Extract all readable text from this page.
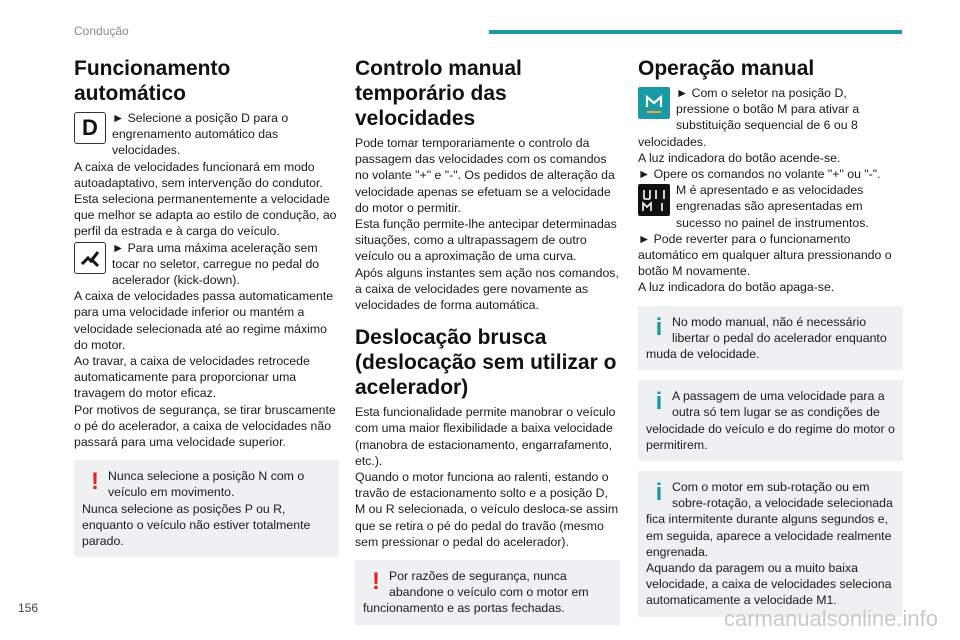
Condução
Funcionamento automático
D	► Selecione a posição D para o engrenamento automático das velocidades.

A caixa de velocidades funcionará em modo autoadaptativo, sem intervenção do condutor.

Esta seleciona permanentemente a velocidade que melhor se adapta ao estilo de condução, ao perfil da estrada e à carga do veículo.

► Para uma máxima aceleração sem tocar no seletor, carregue no pedal do acelerador (kick-down).

A caixa de velocidades passa automaticamente para uma velocidade inferior ou mantém a velocidade selecionada até ao regime máximo do motor.

Ao travar, a caixa de velocidades retrocede automaticamente para proporcionar uma travagem do motor eficaz.

Por motivos de segurança, se tirar bruscamente o pé do acelerador, a caixa de velocidades não passará para uma velocidade superior.

! Nunca selecione a posição N com o veículo em movimento.

Nunca selecione as posições P ou R, enquanto o veículo não estiver totalmente parado.

Controlo manual temporário das velocidades

Pode tomar temporariamente o controlo da passagem das velocidades com os comandos no volante "+" e "-". Os pedidos de alteração da velocidade apenas se efetuam se a velocidade do motor o permitir.

Esta função permite-lhe antecipar determinadas situações, como a ultrapassagem de outro veículo ou a aproximação de uma curva.

Após alguns instantes sem ação nos comandos, a caixa de velocidades gere novamente as velocidades de forma automática.

Deslocação brusca (deslocação sem utilizar o acelerador)

Esta funcionalidade permite manobrar o veículo com uma maior flexibilidade a baixa velocidade (manobra de estacionamento, engarrafamento, etc.).

Quando o motor funciona ao ralenti, estando o travão de estacionamento solto e a posição D, M ou R selecionada, o veículo desloca-se assim que se retira o pé do pedal do travão (mesmo sem pressionar o pedal do acelerador).

! Por razões de segurança, nunca abandone o veículo com o motor em funcionamento e as portas fechadas.

Operação manual

► Com o seletor na posição D, pressione o botão M para ativar a substituição sequencial de 6 ou 8 velocidades.

A luz indicadora do botão acende-se.

► Opere os comandos no volante "+" ou "-".

M é apresentado e as velocidades engrenadas são apresentadas em sucesso no painel de instrumentos.

► Pode reverter para o funcionamento automático em qualquer altura pressionando o botão M novamente.

A luz indicadora do botão apaga-se.

i No modo manual, não é necessário libertar o pedal do acelerador enquanto muda de velocidade.

i A passagem de uma velocidade para a outra só tem lugar se as condições de velocidade do veículo e do regime do motor o permitirem.

i Com o motor em sub-rotação ou em sobre-rotação, a velocidade selecionada fica intermitente durante alguns segundos e, em seguida, aparece a velocidade realmente engrenada.

Aquando da paragem ou a muito baixa velocidade, a caixa de velocidades seleciona automaticamente a velocidade M1.

156	carmanualsonline.info
